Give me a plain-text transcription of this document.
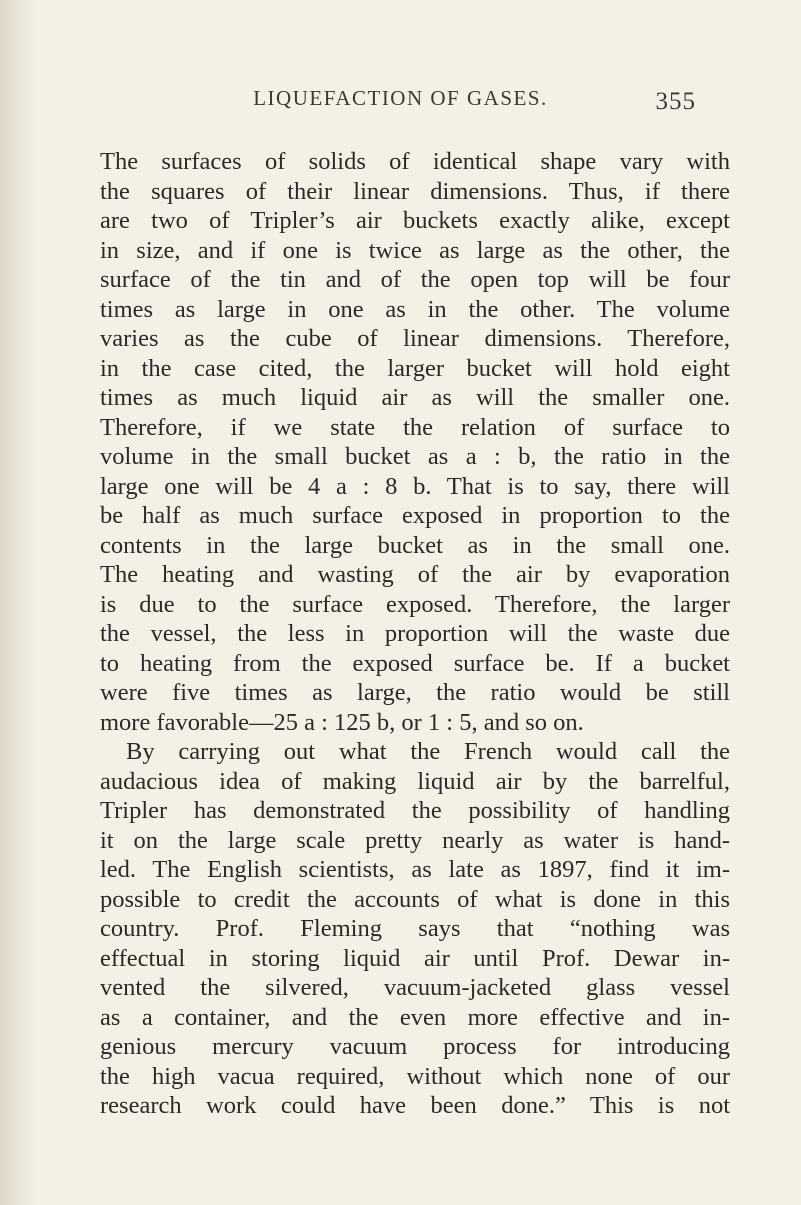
LIQUEFACTION OF GASES.	355
The surfaces of solids of identical shape vary with
the squares of their linear dimensions. Thus, if there
are two of Tripler’s air buckets exactly alike, except
in size, and if one is twice as large as the other, the
surface of the tin and of the open top will be four
times as large in one as in the other. The volume
varies as the cube of linear dimensions. Therefore,
in the case cited, the larger bucket will hold eight
times as much liquid air as will the smaller one.
Therefore, if we state the relation of surface to
volume in the small bucket as a : b, the ratio in the
large one will be 4 a : 8 b. That is to say, there will
be half as much surface exposed in proportion to the
contents in the large bucket as in the small one.
The heating and wasting of the air by evaporation
is due to the surface exposed. Therefore, the larger
the vessel, the less in proportion will the waste due
to heating from the exposed surface be. If a bucket
were five times as large, the ratio would be still
more favorable—25 a : 125 b, or 1 : 5, and so on.
By carrying out what the French would call the
audacious idea of making liquid air by the barrelful,
Tripler has demonstrated the possibility of handling
it on the large scale pretty nearly as water is hand-
led. The English scientists, as late as 1897, find it im-
possible to credit the accounts of what is done in this
country. Prof. Fleming says that “nothing was
effectual in storing liquid air until Prof. Dewar in-
vented the silvered, vacuum-jacketed glass vessel
as a container, and the even more effective and in-
genious mercury vacuum process for introducing
the high vacua required, without which none of our
research work could have been done.” This is not
